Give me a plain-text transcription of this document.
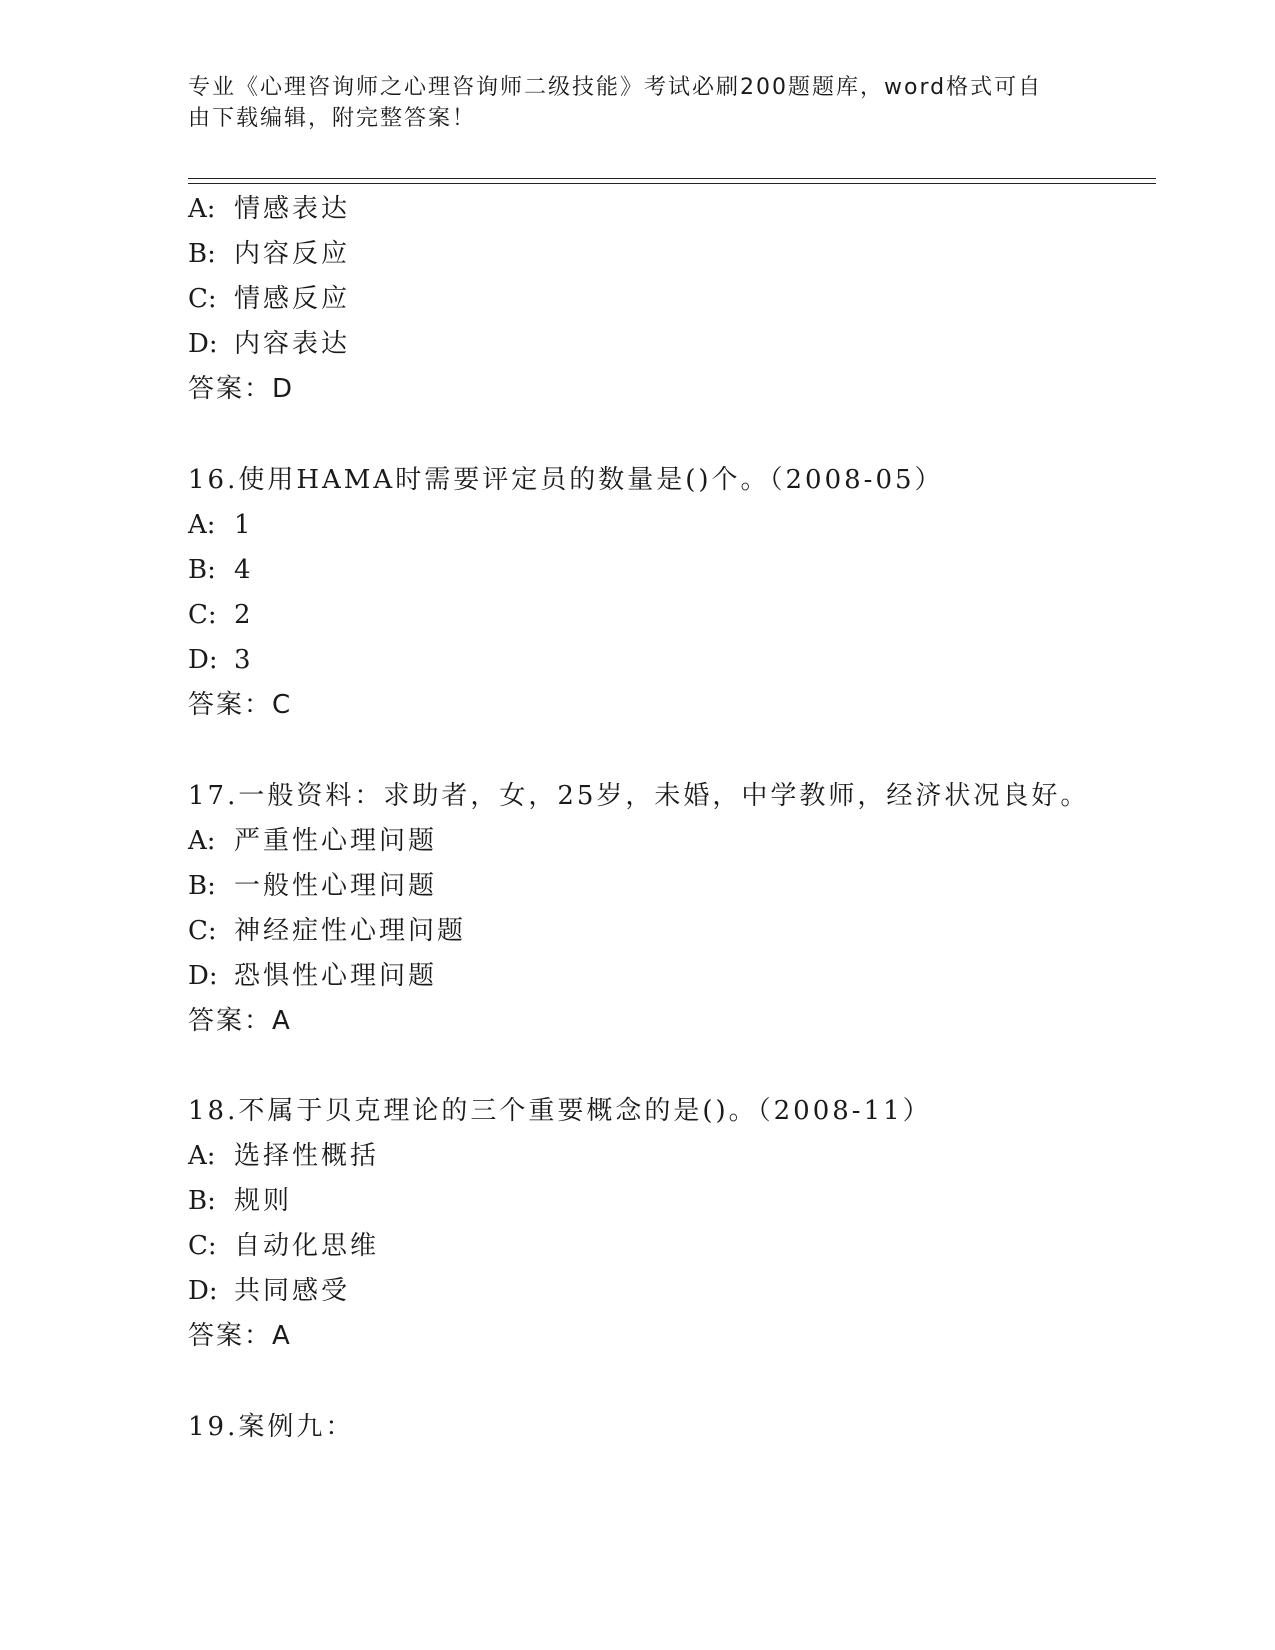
专业《心理咨询师之心理咨询师二级技能》考试必刷200题题库，word格式可自
由下载编辑，附完整答案！
A: 情感表达
B: 内容反应
C: 情感反应
D: 内容表达
答案：D
16.使用HAMA时需要评定员的数量是()个。（2008-05）
A: 1
B: 4
C: 2
D: 3
答案：C
17.一般资料：求助者，女，25岁，未婚，中学教师，经济状况良好。
A: 严重性心理问题
B: 一般性心理问题
C: 神经症性心理问题
D: 恐惧性心理问题
答案：A
18.不属于贝克理论的三个重要概念的是()。（2008-11）
A: 选择性概括
B: 规则
C: 自动化思维
D: 共同感受
答案：A
19.案例九：
